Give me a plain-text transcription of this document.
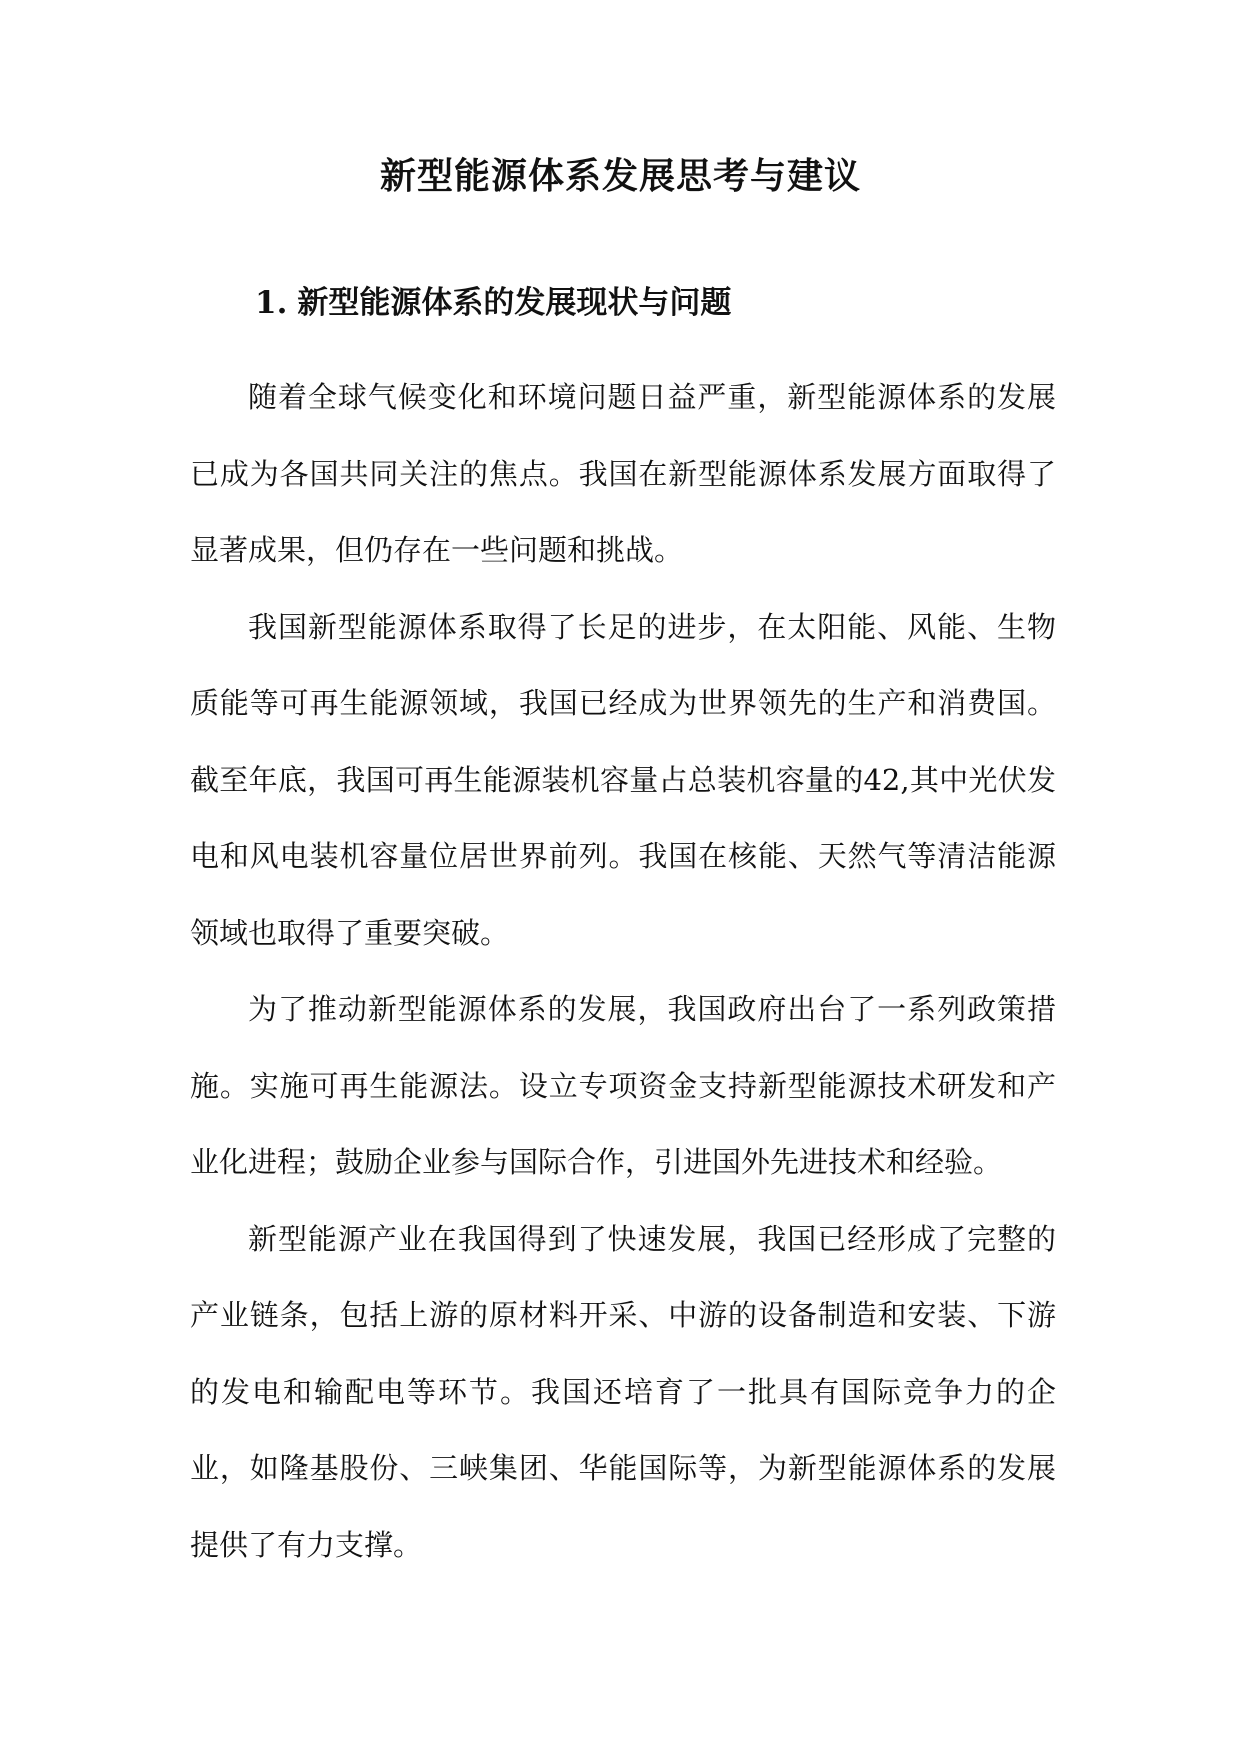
新型能源体系发展思考与建议
1. 新型能源体系的发展现状与问题

随着全球气候变化和环境问题日益严重，新型能源体系的发展已成为各国共同关注的焦点。我国在新型能源体系发展方面取得了显著成果，但仍存在一些问题和挑战。

我国新型能源体系取得了长足的进步，在太阳能、风能、生物质能等可再生能源领域，我国已经成为世界领先的生产和消费国。截至年底，我国可再生能源装机容量占总装机容量的42,其中光伏发电和风电装机容量位居世界前列。我国在核能、天然气等清洁能源领域也取得了重要突破。

为了推动新型能源体系的发展，我国政府出台了一系列政策措施。实施可再生能源法。设立专项资金支持新型能源技术研发和产业化进程；鼓励企业参与国际合作，引进国外先进技术和经验。

新型能源产业在我国得到了快速发展，我国已经形成了完整的产业链条，包括上游的原材料开采、中游的设备制造和安装、下游的发电和输配电等环节。我国还培育了一批具有国际竞争力的企业，如隆基股份、三峡集团、华能国际等，为新型能源体系的发展提供了有力支撑。
